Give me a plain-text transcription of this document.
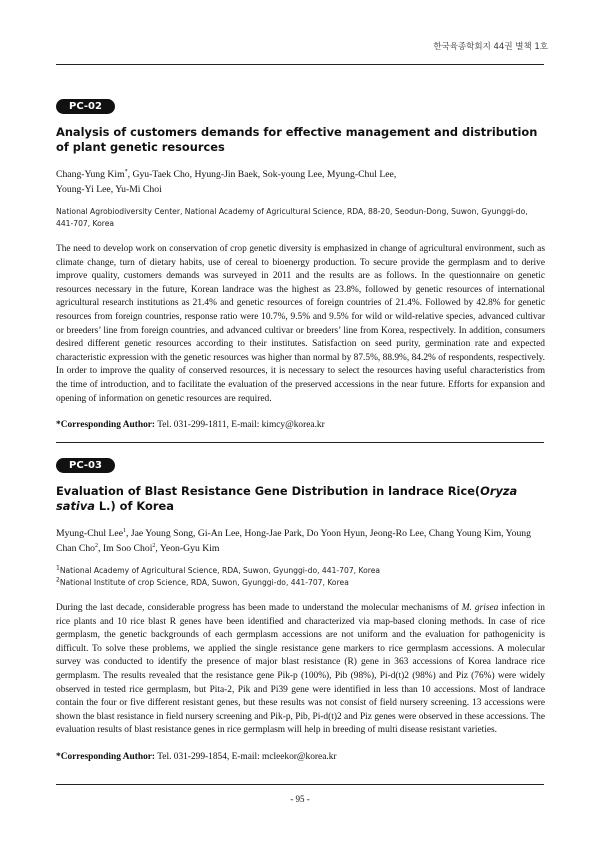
한국육종학회지 44권 별책 1호
PC-02
Analysis of customers demands for effective management and distribution of plant genetic resources
Chang-Yung Kim*, Gyu-Taek Cho, Hyung-Jin Baek, Sok-young Lee, Myung-Chul Lee,
Young-Yi Lee, Yu-Mi Choi
National Agrobiodiversity Center, National Academy of Agricultural Science, RDA, 88-20, Seodun-Dong, Suwon, Gyunggi-do, 441-707, Korea
The need to develop work on conservation of crop genetic diversity is emphasized in change of agricultural environment, such as climate change, turn of dietary habits, use of cereal to bioenergy production. To secure provide the germplasm and to derive improve quality, customers demands was surveyed in 2011 and the results are as follows. In the questionnaire on genetic resources necessary in the future, Korean landrace was the highest as 23.8%, followed by genetic resources of international agricultural research institutions as 21.4% and genetic resources of foreign countries of 21.4%. Followed by 42.8% for genetic resources from foreign countries, response ratio were 10.7%, 9.5% and 9.5% for wild or wild-relative species, advanced cultivar or breeders’ line from foreign countries, and advanced cultivar or breeders’ line from Korea, respectively. In addition, consumers desired different genetic resources according to their institutes. Satisfaction on seed purity, germination rate and expected characteristic expression with the genetic resources was higher than normal by 87.5%, 88.9%, 84.2% of respondents, respectively. In order to improve the quality of conserved resources, it is necessary to select the resources having useful characteristics from the time of introduction, and to facilitate the evaluation of the preserved accessions in the near future. Efforts for expansion and opening of information on genetic resources are required.
*Corresponding Author: Tel. 031-299-1811, E-mail: kimcy@korea.kr
PC-03
Evaluation of Blast Resistance Gene Distribution in landrace Rice(Oryza sativa L.) of Korea
Myung-Chul Lee$^1$, Jae Young Song, Gi-An Lee, Hong-Jae Park, Do Yoon Hyun, Jeong-Ro Lee, Chang Young Kim, Young Chan Cho$^2$, Im Soo Choi$^2$, Yeon-Gyu Kim
$^1$National Academy of Agricultural Science, RDA, Suwon, Gyunggi-do, 441-707, Korea
$^2$National Institute of crop Science, RDA, Suwon, Gyunggi-do, 441-707, Korea
During the last decade, considerable progress has been made to understand the molecular mechanisms of M. grisea infection in rice plants and 10 rice blast R genes have been identified and characterized via map-based cloning methods. In case of rice germplasm, the genetic backgrounds of each germplasm accessions are not uniform and the evaluation for pathogenicity is difficult. To solve these problems, we applied the single resistance gene markers to rice germplasm accessions. A molecular survey was conducted to identify the presence of major blast resistance (R) gene in 363 accessions of Korea landrace rice germplasm. The results revealed that the resistance gene Pik-p (100%), Pib (98%), Pi-d(t)2 (98%) and Piz (76%) were widely observed in tested rice germplasm, but Pita-2, Pik and Pi39 gene were identified in less than 10 accessions. Most of landrace contain the four or five different resistant genes, but these results was not consist of field nursery screening. 13 accessions were shown the blast resistance in field nursery screening and Pik-p, Pib, Pi-d(t)2 and Piz genes were observed in these accessions. The evaluation results of blast resistance genes in rice germplasm will help in breeding of multi disease resistant varieties.
*Corresponding Author: Tel. 031-299-1854, E-mail: mcleekor@korea.kr
- 95 -
